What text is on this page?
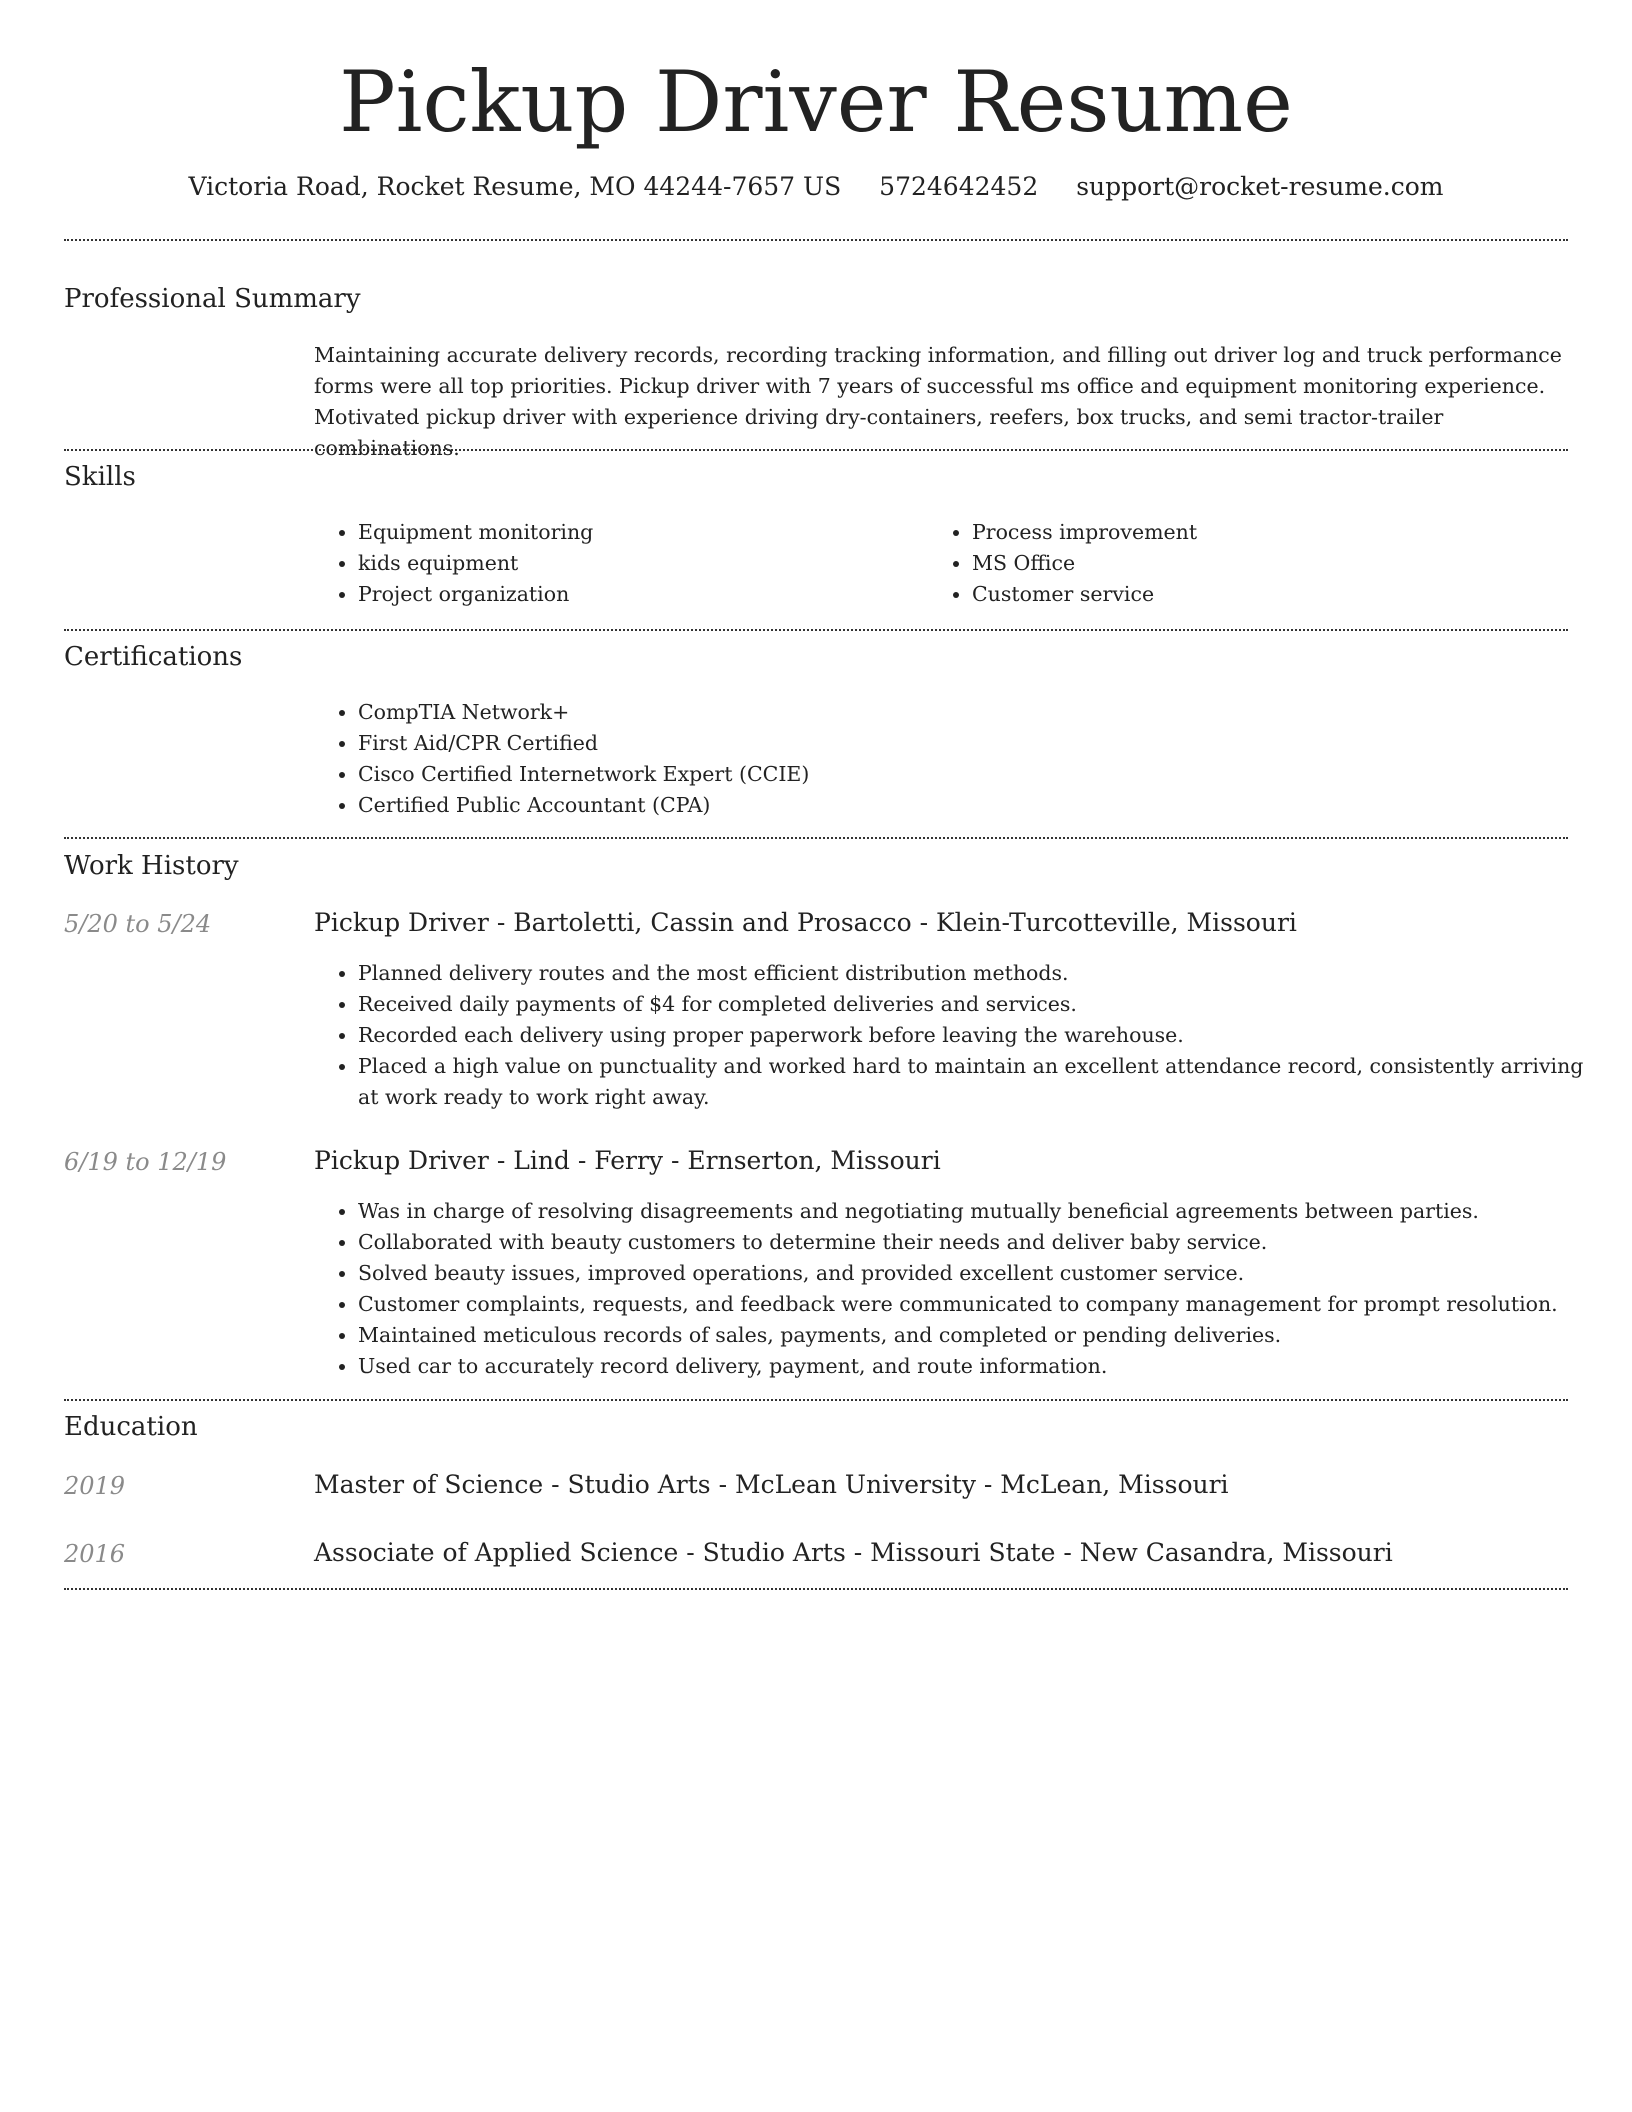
Pickup Driver Resume
Victoria Road, Rocket Resume, MO 44244-7657 US 5724642452 support@rocket-resume.com
Professional Summary

Maintaining accurate delivery records, recording tracking information, and filling out driver log and truck performance forms were all top priorities. Pickup driver with 7 years of successful ms office and equipment monitoring experience. Motivated pickup driver with experience driving dry-containers, reefers, box trucks, and semi tractor-trailer combinations.

Skills
• Equipment monitoring
• kids equipment
• Project organization
• Process improvement
• MS Office
• Customer service
Certifications
• CompTIA Network+
• First Aid/CPR Certified
• Cisco Certified Internetwork Expert (CCIE)
• Certified Public Accountant (CPA)
Work History
5/20 to 5/24	Pickup Driver - Bartoletti, Cassin and Prosacco - Klein-Turcotteville, Missouri
• Planned delivery routes and the most efficient distribution methods.
• Received daily payments of $4 for completed deliveries and services.
• Recorded each delivery using proper paperwork before leaving the warehouse.
• Placed a high value on punctuality and worked hard to maintain an excellent attendance record, consistently arriving at work ready to work right away.
6/19 to 12/19	Pickup Driver - Lind - Ferry - Ernserton, Missouri
• Was in charge of resolving disagreements and negotiating mutually beneficial agreements between parties.
• Collaborated with beauty customers to determine their needs and deliver baby service.
• Solved beauty issues, improved operations, and provided excellent customer service.
• Customer complaints, requests, and feedback were communicated to company management for prompt resolution.
• Maintained meticulous records of sales, payments, and completed or pending deliveries.
• Used car to accurately record delivery, payment, and route information.
Education
2019	Master of Science - Studio Arts - McLean University - McLean, Missouri
2016	Associate of Applied Science - Studio Arts - Missouri State - New Casandra, Missouri
